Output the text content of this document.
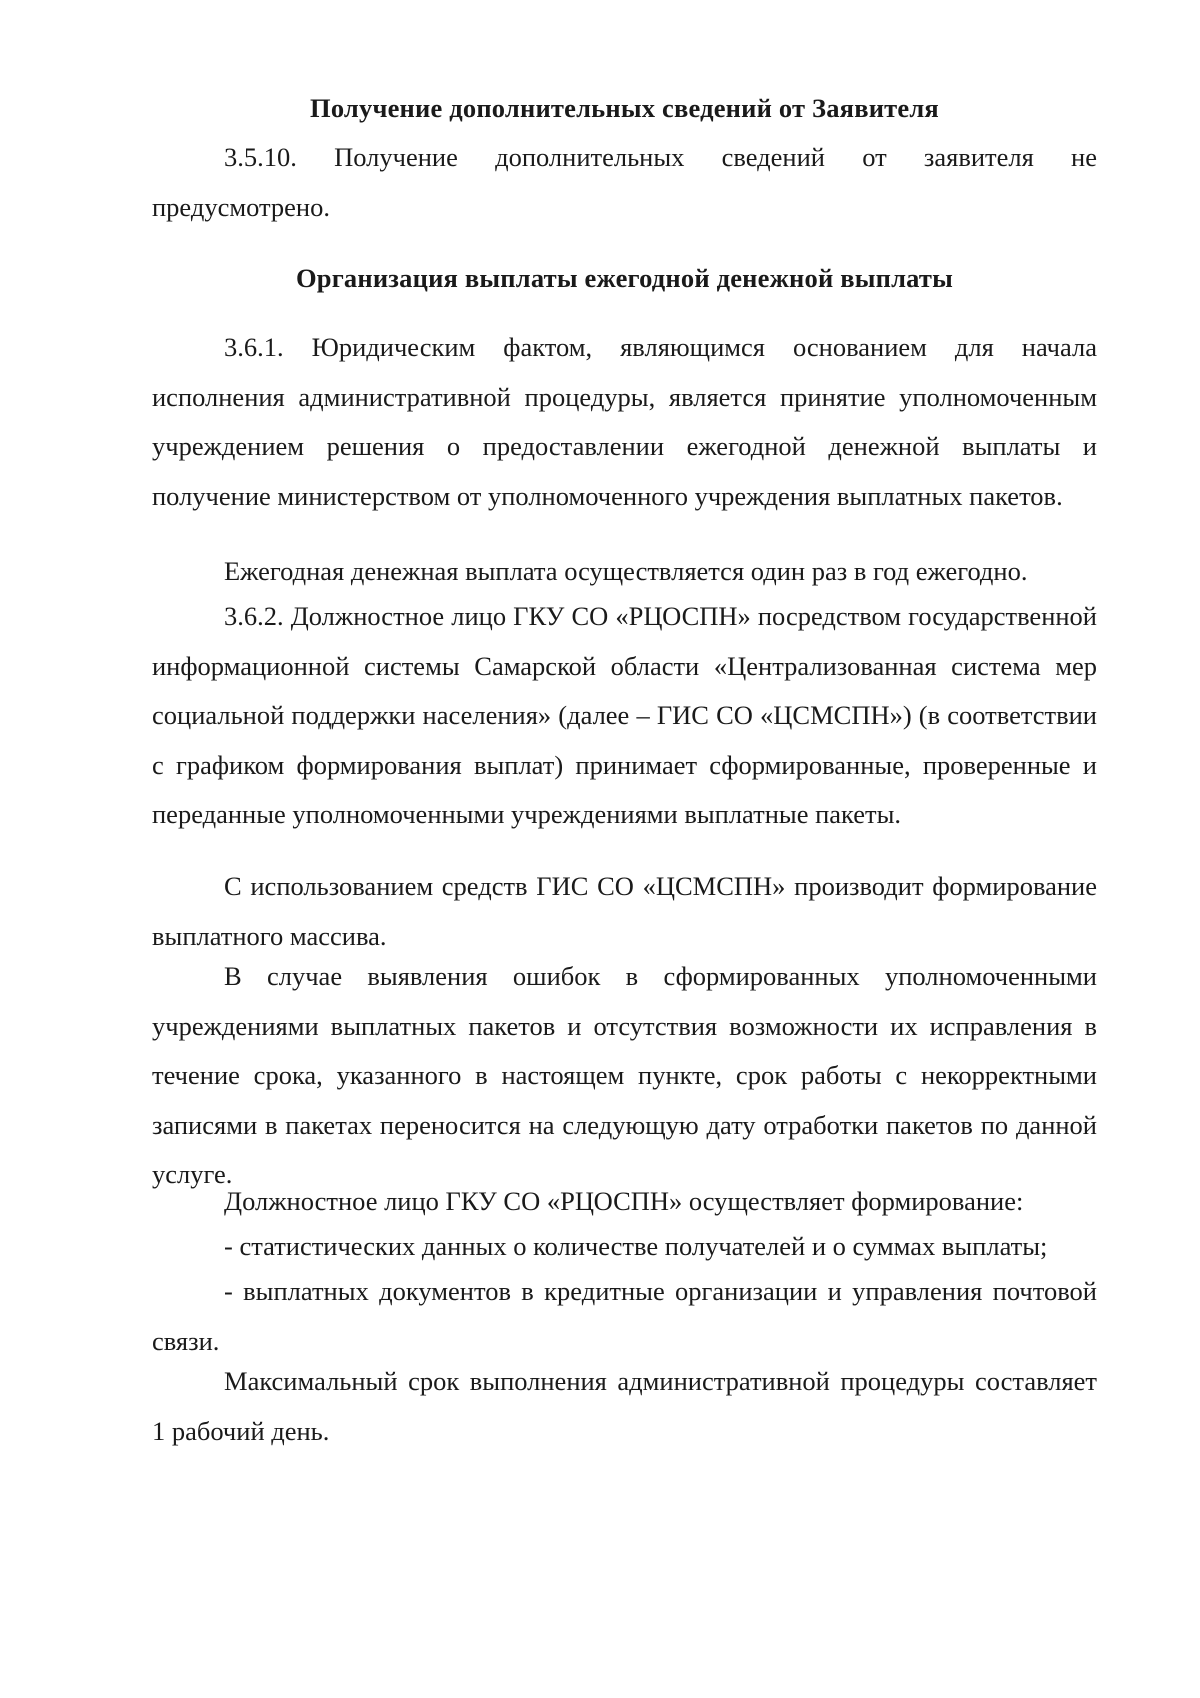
Получение дополнительных сведений от Заявителя
3.5.10. Получение дополнительных сведений от заявителя не предусмотрено.
Организация выплаты ежегодной денежной выплаты
3.6.1. Юридическим фактом, являющимся основанием для начала исполнения административной процедуры, является принятие уполномоченным учреждением решения о предоставлении ежегодной денежной выплаты и получение министерством от уполномоченного учреждения выплатных пакетов.
Ежегодная денежная выплата осуществляется один раз в год ежегодно.
3.6.2. Должностное лицо ГКУ СО «РЦОСПН» посредством государственной информационной системы Самарской области «Централизованная система мер социальной поддержки населения» (далее – ГИС СО «ЦСМСПН») (в соответствии с графиком формирования выплат) принимает сформированные, проверенные и переданные уполномоченными учреждениями выплатные пакеты.
С использованием средств ГИС СО «ЦСМСПН» производит формирование выплатного массива.
В случае выявления ошибок в сформированных уполномоченными учреждениями выплатных пакетов и отсутствия возможности их исправления в течение срока, указанного в настоящем пункте, срок работы с некорректными записями в пакетах переносится на следующую дату отработки пакетов по данной услуге.
Должностное лицо ГКУ СО «РЦОСПН» осуществляет формирование:
- статистических данных о количестве получателей и о суммах выплаты;
- выплатных документов в кредитные организации и управления почтовой связи.
Максимальный срок выполнения административной процедуры составляет 1 рабочий день.
